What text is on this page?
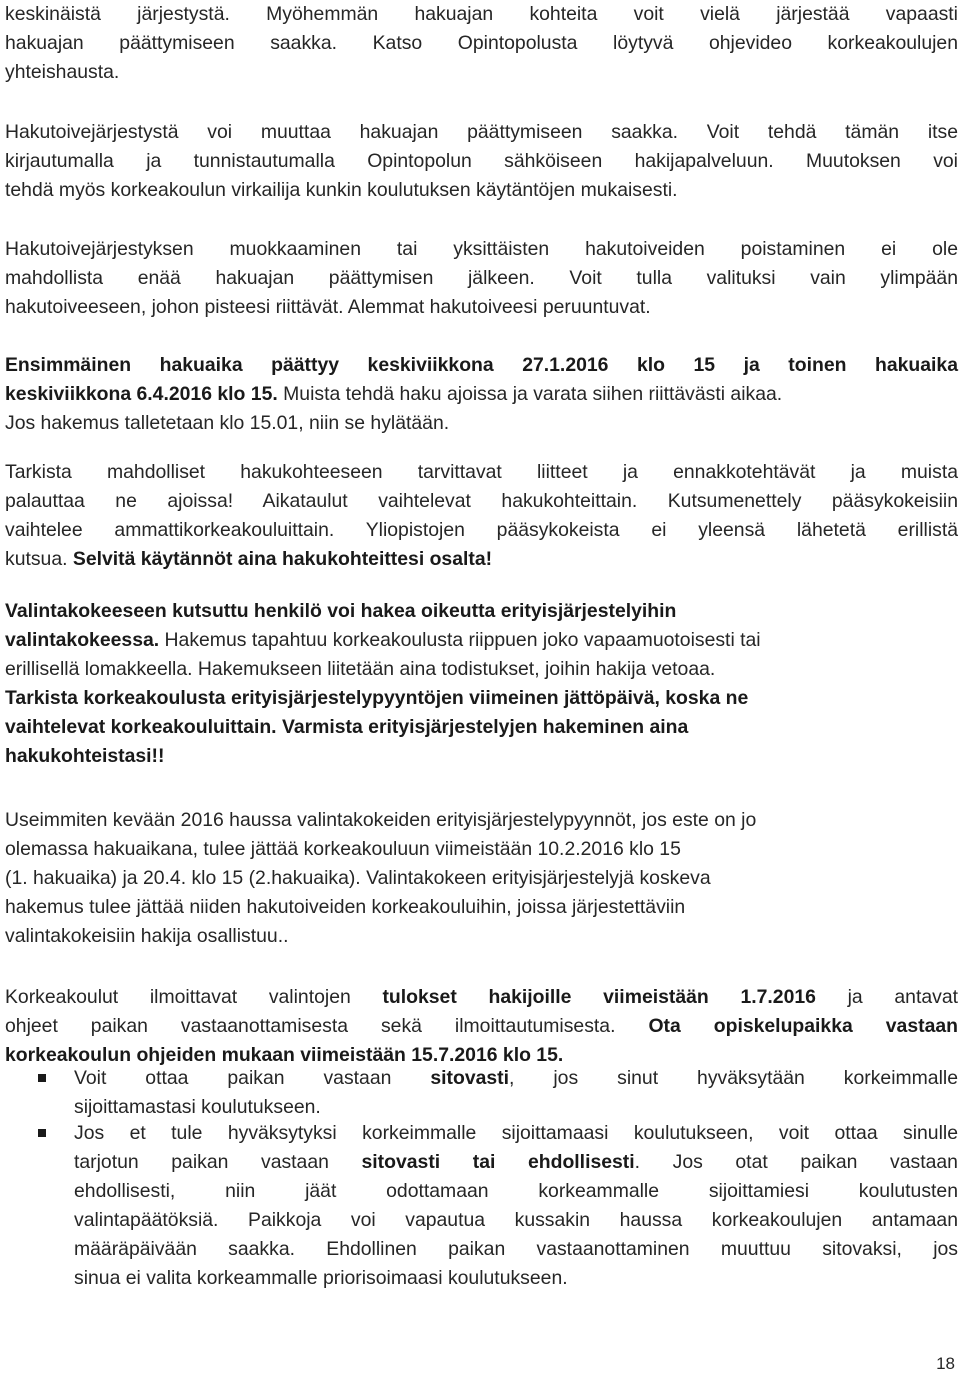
keskinäistä järjestystä. Myöhemmän hakuajan kohteita voit vielä järjestää vapaasti
hakuajan päättymiseen saakka. Katso Opintopolusta löytyvä ohjevideo korkeakoulujen
yhteishausta.
Hakutoivejärjestystä voi muuttaa hakuajan päättymiseen saakka. Voit tehdä tämän itse
kirjautumalla ja tunnistautumalla Opintopolun sähköiseen hakijapalveluun. Muutoksen voi
tehdä myös korkeakoulun virkailija kunkin koulutuksen käytäntöjen mukaisesti.
Hakutoivejärjestyksen muokkaaminen tai yksittäisten hakutoiveiden poistaminen ei ole
mahdollista enää hakuajan päättymisen jälkeen. Voit tulla valituksi vain ylimpään
hakutoiveeseen, johon pisteesi riittävät. Alemmat hakutoiveesi peruuntuvat.
Ensimmäinen hakuaika päättyy keskiviikkona 27.1.2016 klo 15 ja toinen hakuaika
keskiviikkona 6.4.2016 klo 15. Muista tehdä haku ajoissa ja varata siihen riittävästi aikaa.
Jos hakemus talletetaan klo 15.01, niin se hylätään.
Tarkista mahdolliset hakukohteeseen tarvittavat liitteet ja ennakkotehtävät ja muista
palauttaa ne ajoissa! Aikataulut vaihtelevat hakukohteittain. Kutsumenettely pääsykokeisiin
vaihtelee ammattikorkeakouluittain. Yliopistojen pääsykokeista ei yleensä lähetetä erillistä
kutsua. Selvitä käytännöt aina hakukohteittesi osalta!
Valintakokeeseen kutsuttu henkilö voi hakea oikeutta erityisjärjestelyihin
valintakokeessa. Hakemus tapahtuu korkeakoulusta riippuen joko vapaamuotoisesti tai
erillisellä lomakkeella. Hakemukseen liitetään aina todistukset, joihin hakija vetoaa.
Tarkista korkeakoulusta erityisjärjestelypyyntöjen viimeinen jättöpäivä, koska ne
vaihtelevat korkeakouluittain. Varmista erityisjärjestelyjen hakeminen aina
hakukohteistasi!!
Useimmiten kevään 2016 haussa valintakokeiden erityisjärjestelypyynnöt, jos este on jo
olemassa hakuaikana, tulee jättää korkeakouluun viimeistään 10.2.2016 klo 15
(1. hakuaika) ja 20.4. klo 15 (2.hakuaika). Valintakokeen erityisjärjestelyjä koskeva
hakemus tulee jättää niiden hakutoiveiden korkeakouluihin, joissa järjestettäviin
valintakokeisiin hakija osallistuu..
Korkeakoulut ilmoittavat valintojen tulokset hakijoille viimeistään 1.7.2016 ja antavat
ohjeet paikan vastaanottamisesta sekä ilmoittautumisesta. Ota opiskelupaikka vastaan
korkeakoulun ohjeiden mukaan viimeistään 15.7.2016 klo 15.
Voit ottaa paikan vastaan sitovasti, jos sinut hyväksytään korkeimmalle
sijoittamastasi koulutukseen.
Jos et tule hyväksytyksi korkeimmalle sijoittamaasi koulutukseen, voit ottaa sinulle
tarjotun paikan vastaan sitovasti tai ehdollisesti. Jos otat paikan vastaan
ehdollisesti, niin jäät odottamaan korkeammalle sijoittamiesi koulutusten
valintapäätöksiä. Paikkoja voi vapautua kussakin haussa korkeakoulujen antamaan
määräpäivään saakka. Ehdollinen paikan vastaanottaminen muuttuu sitovaksi, jos
sinua ei valita korkeammalle priorisoimaasi koulutukseen.
18
